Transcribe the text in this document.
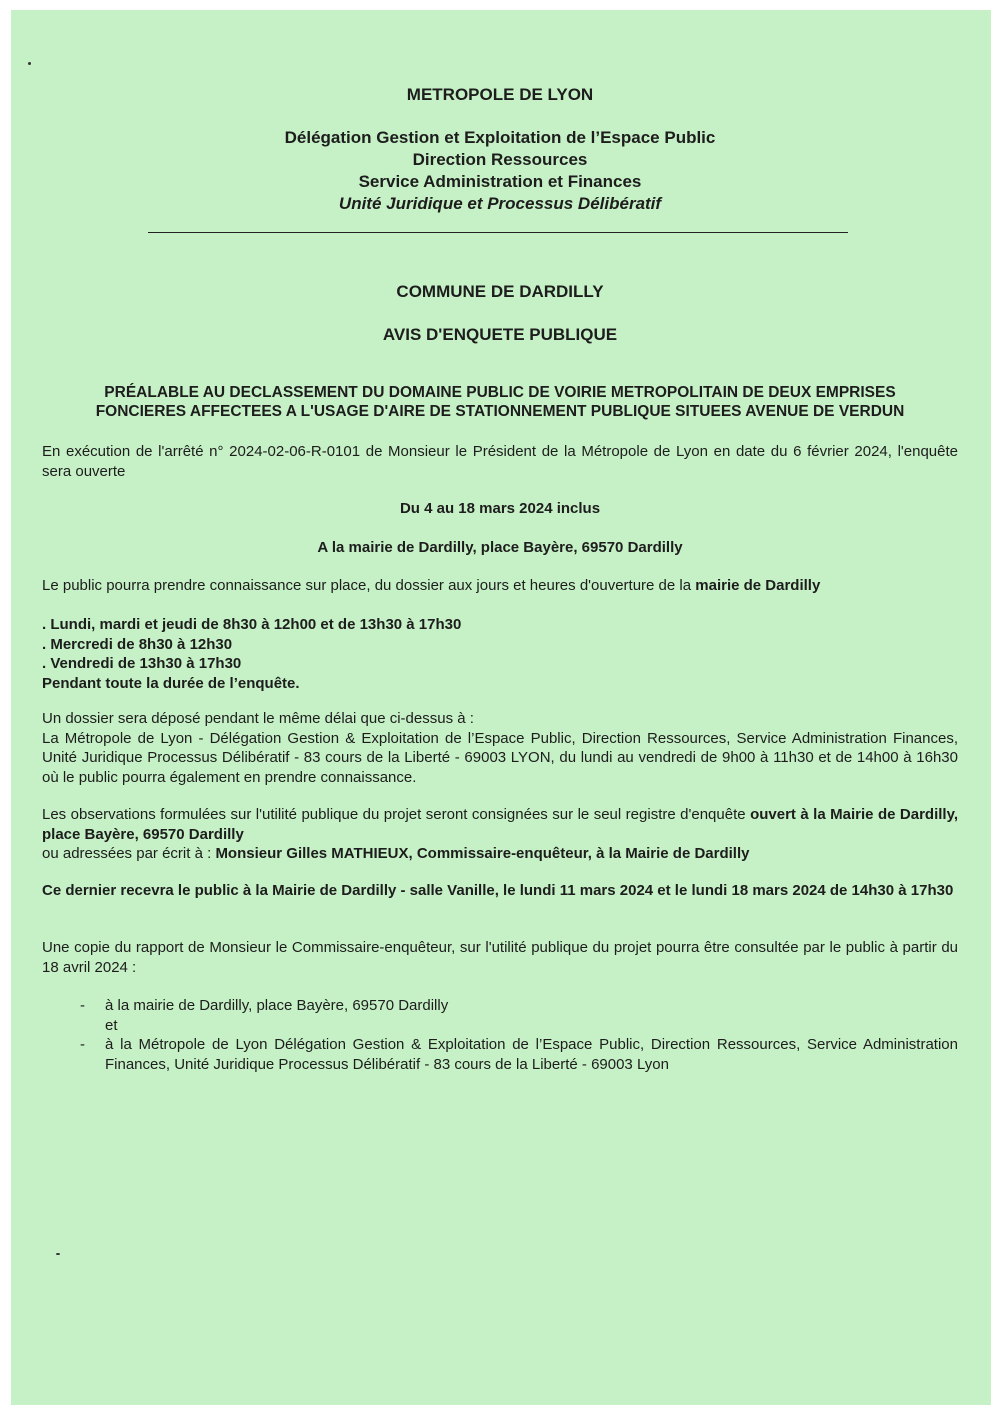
METROPOLE DE LYON
Délégation Gestion et Exploitation de l’Espace Public
Direction Ressources
Service Administration et Finances
Unité Juridique et Processus Délibératif
COMMUNE DE DARDILLY
AVIS D'ENQUETE PUBLIQUE
PRÉALABLE AU DECLASSEMENT DU DOMAINE PUBLIC DE VOIRIE METROPOLITAIN DE DEUX EMPRISES
FONCIERES AFFECTEES A L'USAGE D'AIRE DE STATIONNEMENT PUBLIQUE SITUEES AVENUE DE VERDUN

En exécution de l'arrêté n° 2024-02-06-R-0101 de Monsieur le Président de la Métropole de Lyon en date du 6 février 2024, l'enquête sera ouverte

Du 4 au 18 mars 2024 inclus
A la mairie de Dardilly, place Bayère, 69570 Dardilly

Le public pourra prendre connaissance sur place, du dossier aux jours et heures d'ouverture de la mairie de Dardilly

. Lundi, mardi et jeudi de 8h30 à 12h00 et de 13h30 à 17h30
. Mercredi de 8h30 à 12h30
. Vendredi de 13h30 à 17h30
Pendant toute la durée de l’enquête.
Un dossier sera déposé pendant le même délai que ci-dessus à :
La Métropole de Lyon - Délégation Gestion & Exploitation de l’Espace Public, Direction Ressources, Service Administration Finances, Unité Juridique Processus Délibératif - 83 cours de la Liberté - 69003 LYON, du lundi au vendredi de 9h00 à 11h30 et de 14h00 à 16h30 où le public pourra également en prendre connaissance.
Les observations formulées sur l'utilité publique du projet seront consignées sur le seul registre d'enquête ouvert à la Mairie de Dardilly, place Bayère, 69570 Dardilly
ou adressées par écrit à : Monsieur Gilles MATHIEUX, Commissaire-enquêteur, à la Mairie de Dardilly

Ce dernier recevra le public à la Mairie de Dardilly - salle Vanille, le lundi 11 mars 2024 et le lundi 18 mars 2024 de 14h30 à 17h30

Une copie du rapport de Monsieur le Commissaire-enquêteur, sur l'utilité publique du projet pourra être consultée par le public à partir du 18 avril 2024 :

-	à la mairie de Dardilly, place Bayère, 69570 Dardilly
et
-	à la Métropole de Lyon Délégation Gestion & Exploitation de l’Espace Public, Direction Ressources, Service Administration Finances, Unité Juridique Processus Délibératif - 83 cours de la Liberté - 69003 Lyon
